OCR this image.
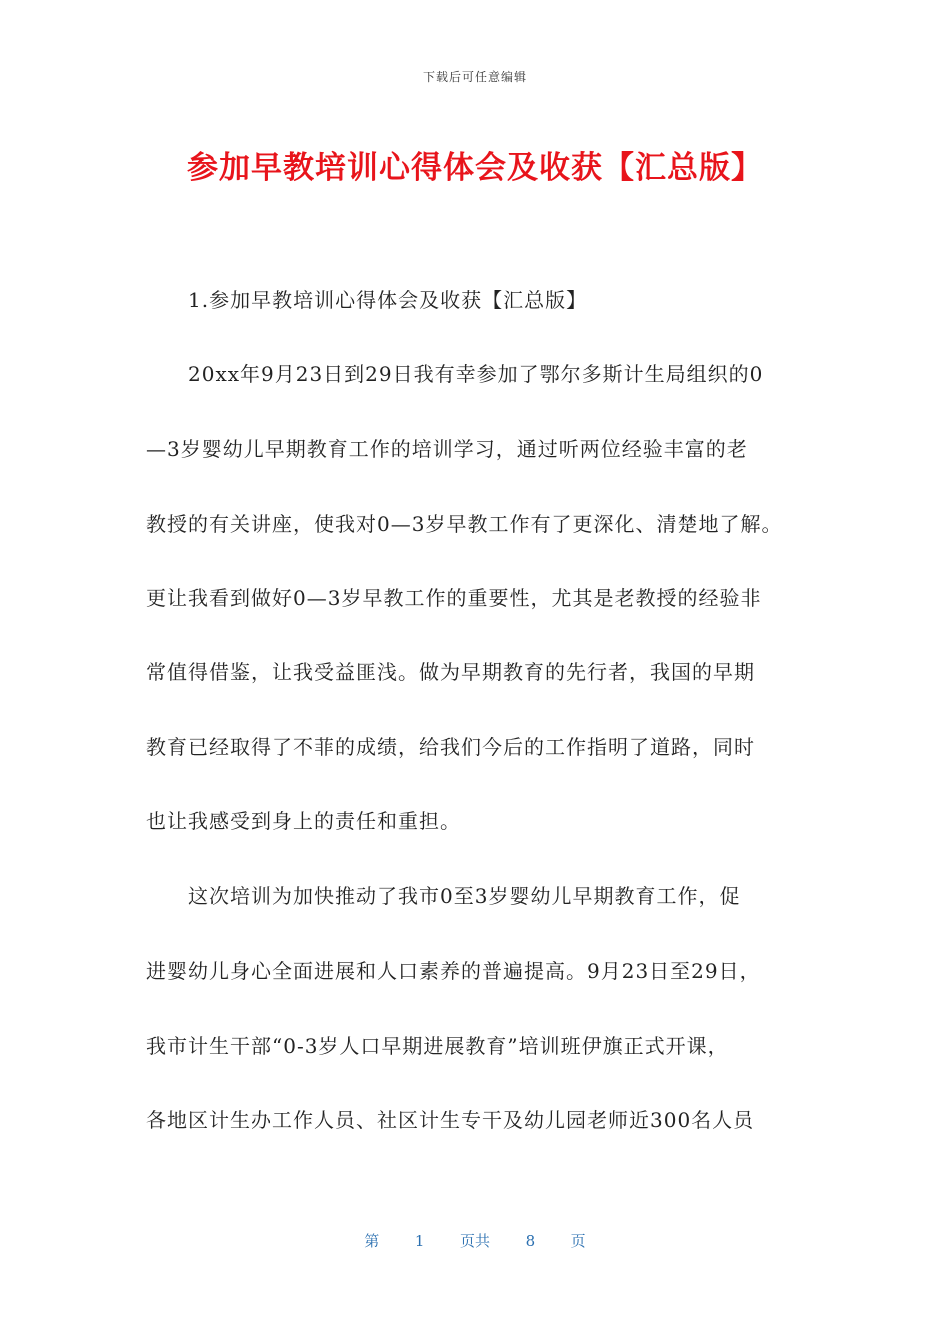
下载后可任意编辑
参加早教培训心得体会及收获【汇总版】
1.参加早教培训心得体会及收获【汇总版】
20xx年9月23日到29日我有幸参加了鄂尔多斯计生局组织的0
—3岁婴幼儿早期教育工作的培训学习，通过听两位经验丰富的老
教授的有关讲座，使我对0—3岁早教工作有了更深化、清楚地了解。
更让我看到做好0—3岁早教工作的重要性，尤其是老教授的经验非
常值得借鉴，让我受益匪浅。做为早期教育的先行者，我国的早期
教育已经取得了不菲的成绩，给我们今后的工作指明了道路，同时
也让我感受到身上的责任和重担。
这次培训为加快推动了我市0至3岁婴幼儿早期教育工作，促
进婴幼儿身心全面进展和人口素养的普遍提高。9月23日至29日，
我市计生干部“0-3岁人口早期进展教育”培训班伊旗正式开课，
各地区计生办工作人员、社区计生专干及幼儿园老师近300名人员
第 1 页共 8 页
